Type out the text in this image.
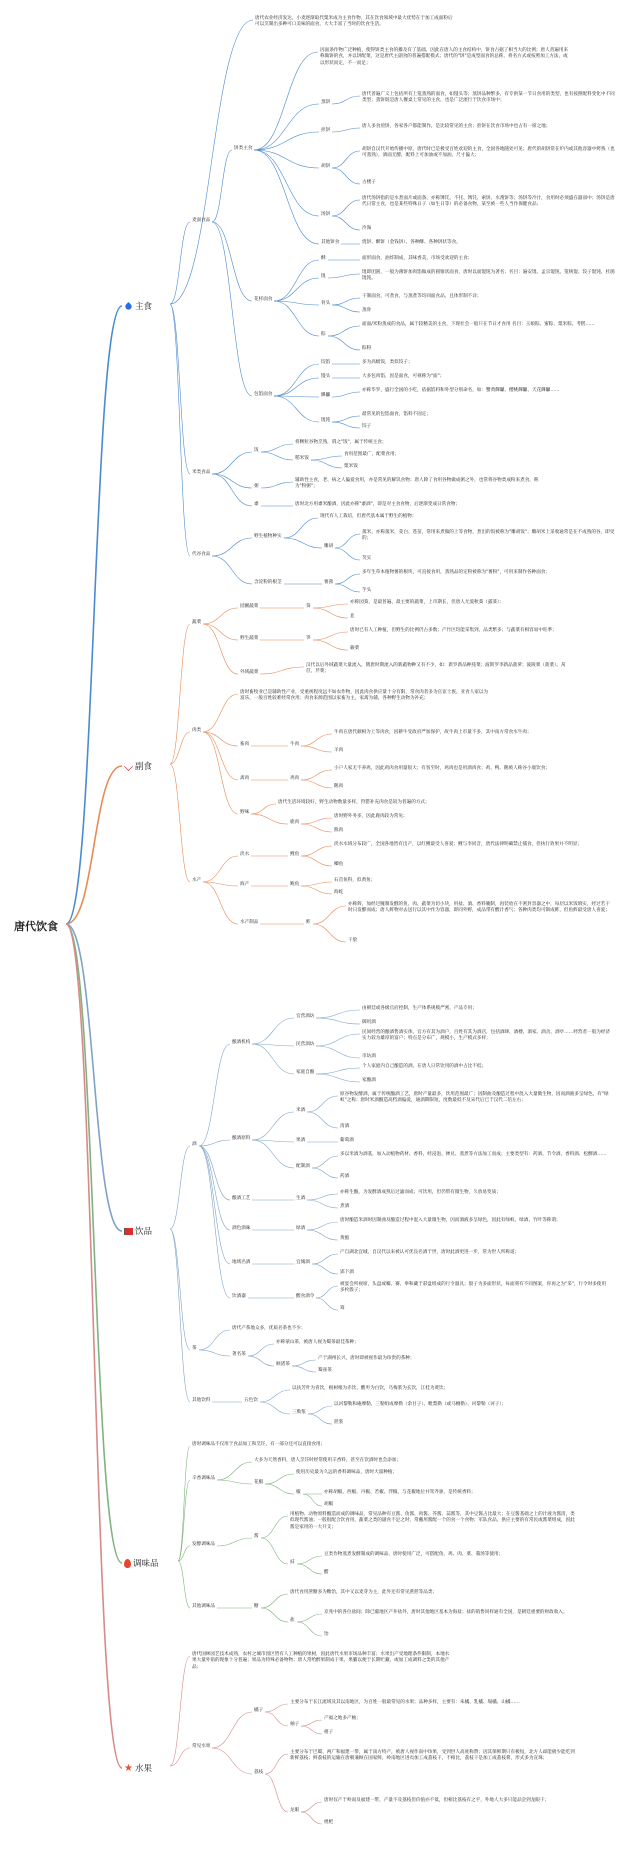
唐代饮食
主食
副食
饮品
调味品
★ 水果
唐代农业经济发达，小麦逐渐取代粟米成为主食作物，其在饮食领域中最大优势在于加工成面粉后可以烹制出多种可口美味的面食，大大丰富了当时的饮食生活。
麦面食品
饼类主食
因面条作物广泛种植，使得饼类主食的播及有了基础。因此在唐人的主食结构中，饼食占据了相当大的比例；唐人普遍用来称做饼的食，并以饼配菜，这是唐代主副食的普遍搭配模式；唐代的"饼"是成型面食的总称，将名方式或按照加工方法，或以形状而定，不一而足；
蒸饼
唐代普遍广义上包括所有上笼蒸熟的面食，如馒头等；蒸饼品种繁多，有专供某一节日食用的类型，也有按照配料变化中不同类型；蒸饼既是唐人餐桌上常见的主食，也是广泛流行于饮食市场中；
煎饼
唐人多食煎饼，各家各户都能制作，是比较常见的主食；煎饼在饮食市场中也占有一席之地；
胡饼
胡饼自汉代开始传播中原，唐代时已是极受百姓欢迎的主食，全国各地随处可见；唐代的胡饼常在炉内或其他容器中烤熟（也可蒸熟），酒面无酵，配料上可加油或不加油，尺寸偏大；
古楼子
汤饼
唐代汤饼指的是水煮面片或面条，亦称馎饦、不托、馎饦、索饼、水溲饼等；汤饼等冷汁，食用时必须盛在器皿中；汤饼是唐代日常主食，也是某些特殊日子（如生日等）的必备食物，某至被一些人当作保健食品；
冷淘
其他饼食	烧饼、酥饼（金钱饼）、各种酥、各种饼状等食。
花样面食
酥	面形面食，油炸制成，其味香美，市场受欢迎的主食；
馄
馄即团圆，一般为薄饼加肉馅做成的圆锥状面食，唐时以面馄饨为著名；名目：遍安馄、孟宗馄饨、笼统馄、饺子馄饨、杜鹃馄饨。
骨头
干制面食，可煮食，与蒸煮等均同面食品，且体形制不详；
蒸骨
粽
面面/米粉蒸成的食品，属于较精美的主食，下现社会一般只在节日才食用 名目：玉娘粽、蜜粽、粟米粽、考糕……
粽粉
包馅面食
饺馅	多为高级饭，类似饺子；
馒头	大多包肉馅，因是面食，可视称为"面"；
饆饠
亦称毕罗，盛行全国的小吃，依据馅料和外型分别命名，如：蟹黄饆饠、樱桃饆饠、天花饆饠……
馄饨
最常见的包馅面食，馅料不固定；
饺子
米类食品
饭
将颗粒谷物烹熟，谓之"饭"，属于传统主食；
稻米饭
食用范围最广，配菜食用；
粟米饭
粥
辅助性主食，老、病之人偏爱食用，亦是常见的解饥食物；唐人除了食用谷物做成粥之外，也常将谷物类成粉来煮食，称为"粉粥"；
黍	唐时北方用黍米酿酒，因此亦称"黍酒"，即是对主食食物，后逐渐变成日常食物；
代谷食品
野生植物种实
现代有人工栽培，但唐代基本属于野生的植物；
雕胡
菰米，亦称菰米，茭白、苍苗，常用来煮做的上等食物，煮出的饭被称为"雕胡饭"；雕胡米上采收通常是在不成熟的谷，即受的；
芡实
含淀粉的根茎	薯蓣
多年生草本植物薯的根块，可直接食用，蒸熟品的定粉被称为"薯粉"，可用来制作各种面食；
芋头
蔬菜
园圃蔬菜	葵
亦称园葵，是最普遍、最主要的蔬菜，上市期长，但唐人尤爱秋葵（露葵）；
韭
野生蔬菜	笋
唐时已有人工种植，但野生的比例仍占多数；产竹区均能采集到，品类繁多；与蔬菜有相容易中旺季；
蕨菜
外域蔬菜
汉代以后外域蔬菜大量流入，隋唐时期流入的新蔬物种又有不少，如：新罗新品种莼菜；波斯罗李新品菠萝；波陵菜（菠菜）、莴苣、芹菜；
肉类
唐时畜牧业已是辅助性产业，受重视程度远不如农作物，因此肉食供应量十分有限，常食肉者多为官宦士族，亚食人家以为富乐，一般百姓较难经常食用；肉食来源范围以家畜为主，家禽为辅，各种野生动物为补充；
畜肉	牛肉
牛肉在唐代颇相为上等肉食，因耕牛受政府严加保护，故牛肉上市量不多，其中南方常食水牛肉；
羊肉
禽肉	鸡肉
小户人家无不养鸡，因此鸡肉食用量很大；有客至时，鸡肉也是用酒肉食；鸡、鸭、鹅被人称谷小康饮食；
鹅肉
野味
唐代生活环境较好，野生动物数量多样，狩猎补充肉食是较为普遍的方式；
鹿肉
唐时野外务多，因此鹿肉较为常见；
熊肉
水产
淡水	鲤鱼
淡水水域分布较广，全国各地皆有出产，以红鲤最受人喜爱；鲤与李同音，唐代法律明确禁止捕食，但执行效果并不明显；
鲫鱼
海产	鲍鱼
石首鱼科，似黄鱼；
海蛇
水产制品	鲊
亦称鲊，加经过腌制发酵的鱼、肉、蔬菜为切小块，用盐、酒、香料腌制，再装放在不密封容器之中，每层以米饭填实，经过若干时日发酵而成；唐人鲊物对去送行以其中作为容器，即同外野，成品带有酸汁香气；各种肉类均可制成鲊，但鱼鲊最受唐人喜爱；
干脍
酒
酿酒机构
官营酒坊
由朝廷或各级官府控制，生产体系规模严密，产品专用；
御用酒
民营酒坊
民间经营的酿酒售酒实体，官方有其为酒户，百姓有其为酒店，包括酒肆、酒楼、酒家、酒舍、酒亭……经营者一般为经济实力较为雄厚的富户；特点是分布广，规模小，生产模式多样；
市坊酒
家庭自酿
个人家庭内自己酿造的酒，在唐人日常饮用的酒中占比不低；
家酿酒
酿酒原料
米酒
原谷物发酵酒，属于传统酿酒工艺，唐时产量最多，饮用范围最广；因制曲及酿造过程中混入大量微生物，因而酒液多呈绿色，有"绿蚁"之称；唐时米酒酿造高档酒偏爱，通酒期限短，度数最低不及宋代后已于汉代二倍左右；
清酒
果酒	葡萄酒
配制酒
多以米酒为酒基，加入动植物药材、香料，经浸泡、掺兑、蒸煮等方法加工而成；主要类型有：药酒、节令酒、香料酒、松醪酒……
药酒
酿酒工艺	生酒
亦称生酿，为发酵酒成熟后过滤而成；可饮用，但仍带有微生物，久放易变质；
煮酒
酒色酒味	绿酒
唐时酿造米酒时因制曲及酿造过程中混入大量微生物，因而酒液多呈绿色，因此有绿蚁、绿酒、竹叶等称谓；
黄醅
地域名酒	宜城酒
产自湖北宜城，自汉代以来被认可优良名酒于世，唐时此酒更进一步，常为世人所称道；
郢下酒
饮酒器	酸食酒令
被宴会所视席，头盘或噱、赛、拳和藏于彩盘组成的行令器具；骰子为多面形状，每面刻有不同图案，你再之为"采"，行令时多使用多枚骰子；
筹
茶
唐代产茶地众多，优质名茶也不少；
著名茶
亦称蒙山茶，被唐人视为蜀茶最佳茶种；
顾渚茶
产于湖州长兴，唐时即被视作最为珍贵的茶种；
蜀雀茶
其他饮料	五色饮
以扶芳叶为青饮，根树根为赤饮，酸枣为白饮，乌梅浆为玄饮，江桂为黄饮；
三勒浆
以诃黎勒和庵摩勒、三勒组成摩勒（余甘子）、毗梨勒（或马檀勒）、诃黎勒（诃子）；
蔗浆
唐时调味品不仅用于食品加工和烹饪，有一部分还可以直接食用；
辛香调味品
大多为天然香料，唐人烹饪时经常使用辛香料，甚至在饮酒时也会添加；
花椒
使用历史最为久远的香料调味品，唐时大量种植；
椒	亦称胡椒，西椒、丹椒、若椒、浮椒、与花椒地位并驾齐驱，是传统香料；
胡椒
发酵调味品
酱
用植物、动物原料酿造而成的调味品，常见品种有豆酱、鱼酱、肉酱、芥酱、蒜酱等，其中豆酱占比最大；在豆酱基础之上的汁液为酱清，类似现代酱油；一般很配合饮食用，蔬菜之类的副食不足之时，常蘸用酱配一个的食一个食物；军队食品，供应主要的有常民或酱菜组成，因此酱是家用的一大开支；
豉
豆类作物蒸煮发酵制成的调味品，唐时使用广泛，可搭配鱼、鸡、肉、菜、羹汤等使用；
醋
其他调味品	糖
唐代食用蔗糖多为糖饴，其中又以麦芽为主，此外还有常见蔗蔗等品类；
盐
京兆中的各位盐间；除已葡地区产井盐外，唐时其他地区基本为海盐；盐的销售同样通有全国，是朝廷重要的财政收入；
饴
唐代国林园艺技术成熟，农村之城市园区皆有人工种植的果树，因此唐代水果市场品种丰富；水果出产受地理条件限制，本地水果大量外销的现象十分普遍；果品为特殊必备物物；唐人常给醉果制成干果、果脯以便于长期贮藏，或加工成调料之类的其他产品；
常见水果
橘子
主要分布于长江流域及其以南地区，为百姓一般最常见的水果；品种多样，主要有：朱橘、乳橘、塌橘、山橘……
柚子
产福之地多产柚；
柑子
荔枝
主要分布于巴蜀、两广和福建一带，属于南方特产，被唐人视作南中珍果，受到世人高度称赞；因其保鲜期只有极短，北方人却能极少能吃到新鲜荔枝；鲜荔枝的运输在唐朝兼顾在国家鲜，岭南地区进贡加工成荔枝干，不相比，荔枝干是加工成荔枝膏、形式多为宣珠；
龙眼
唐时仅产于岭南及福建一带，产量不及荔枝但价值亦不低，但相比荔枝有之平，外地人大多只能品尝到龙眼干；
枇杷
